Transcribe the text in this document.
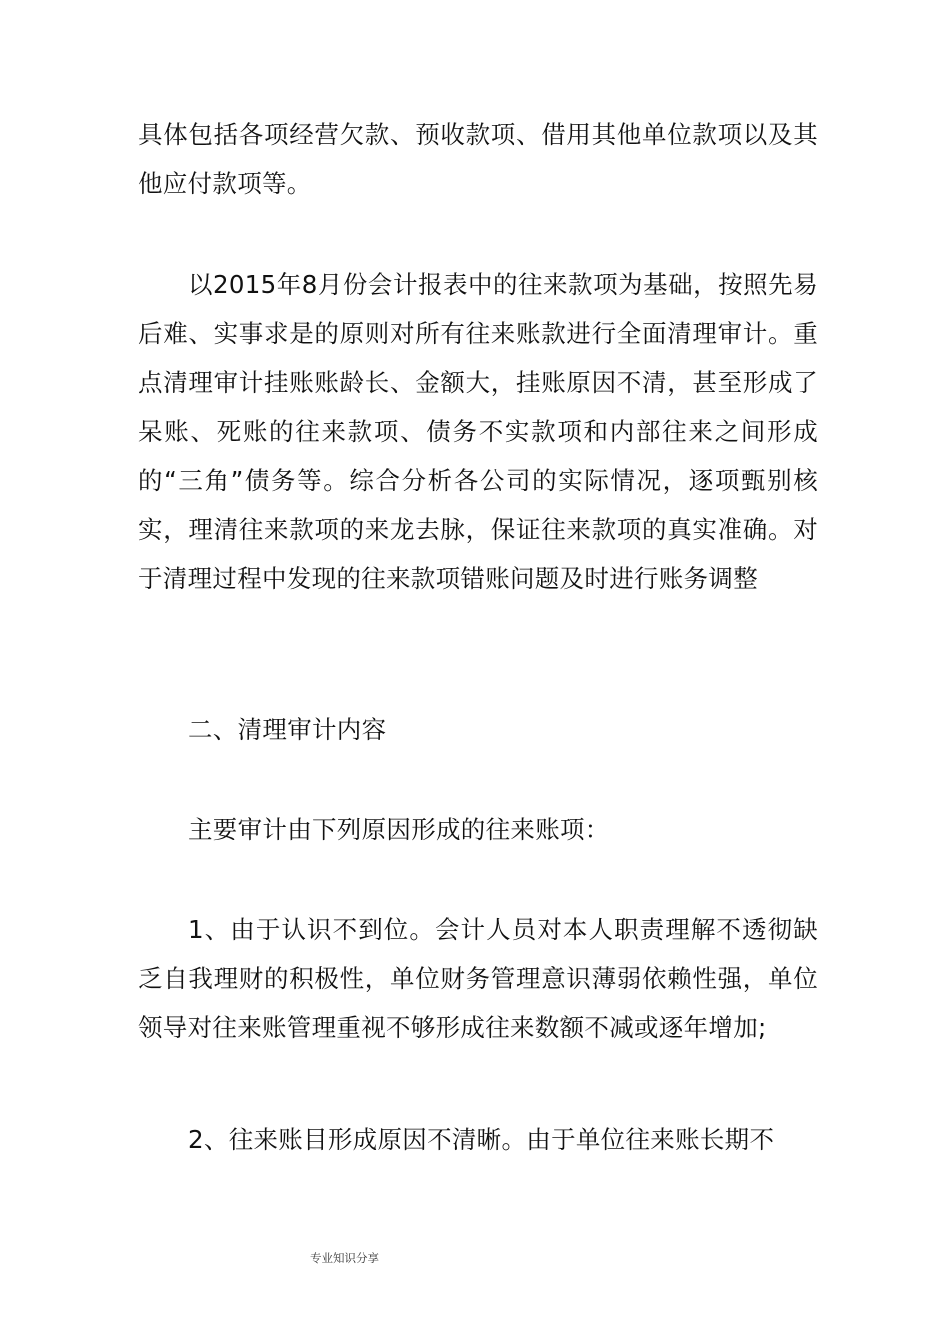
具体包括各项经营欠款、预收款项、借用其他单位款项以及其他应付款项等。

以2015年8月份会计报表中的往来款项为基础，按照先易后难、实事求是的原则对所有往来账款进行全面清理审计。重点清理审计挂账账龄长、金额大，挂账原因不清，甚至形成了呆账、死账的往来款项、债务不实款项和内部往来之间形成的“三角”债务等。综合分析各公司的实际情况，逐项甄别核实，理清往来款项的来龙去脉，保证往来款项的真实准确。对于清理过程中发现的往来款项错账问题及时进行账务调整

二、清理审计内容

主要审计由下列原因形成的往来账项：

1、由于认识不到位。会计人员对本人职责理解不透彻缺乏自我理财的积极性，单位财务管理意识薄弱依赖性强，单位领导对往来账管理重视不够形成往来数额不减或逐年增加;

2、往来账目形成原因不清晰。由于单位往来账长期不

专业知识分享
